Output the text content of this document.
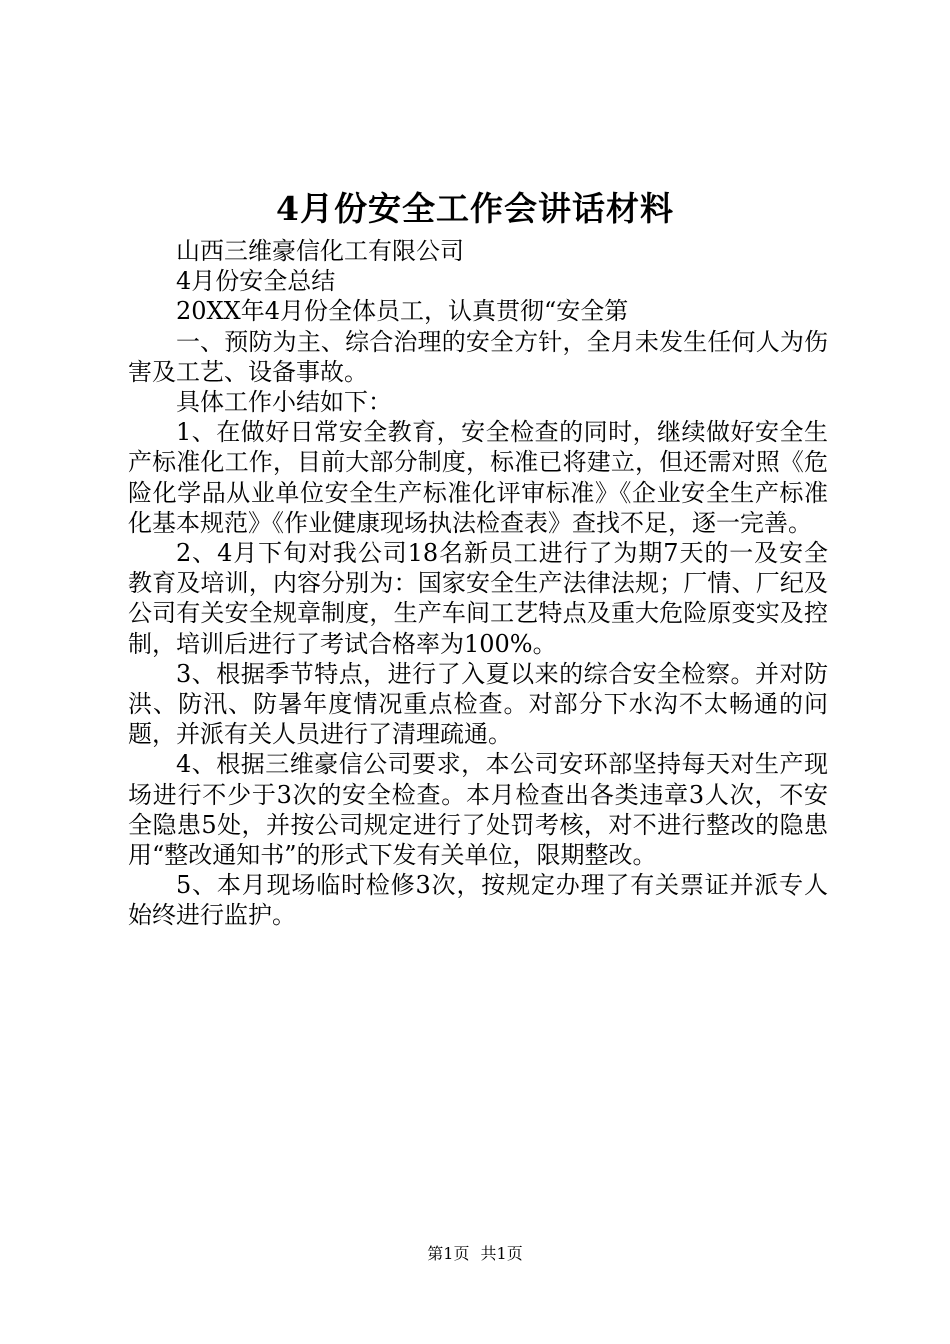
4月份安全工作会讲话材料

山西三维豪信化工有限公司

4月份安全总结

20XX年4月份全体员工，认真贯彻“安全第

一、预防为主、综合治理的安全方针，全月未发生任何人为伤害及工艺、设备事故。

具体工作小结如下：

1、在做好日常安全教育，安全检查的同时，继续做好安全生产标准化工作，目前大部分制度，标准已将建立，但还需对照《危险化学品从业单位安全生产标准化评审标准》《企业安全生产标准化基本规范》《作业健康现场执法检查表》查找不足，逐一完善。

2、4月下旬对我公司18名新员工进行了为期7天的一及安全教育及培训，内容分别为：国家安全生产法律法规；厂情、厂纪及公司有关安全规章制度，生产车间工艺特点及重大危险原变实及控制，培训后进行了考试合格率为100%。

3、根据季节特点，进行了入夏以来的综合安全检察。并对防洪、防汛、防暑年度情况重点检查。对部分下水沟不太畅通的问题，并派有关人员进行了清理疏通。

4、根据三维豪信公司要求，本公司安环部坚持每天对生产现场进行不少于3次的安全检查。本月检查出各类违章3人次，不安全隐患5处，并按公司规定进行了处罚考核，对不进行整改的隐患用“整改通知书”的形式下发有关单位，限期整改。

5、本月现场临时检修3次，按规定办理了有关票证并派专人始终进行监护。

第1页 共1页
